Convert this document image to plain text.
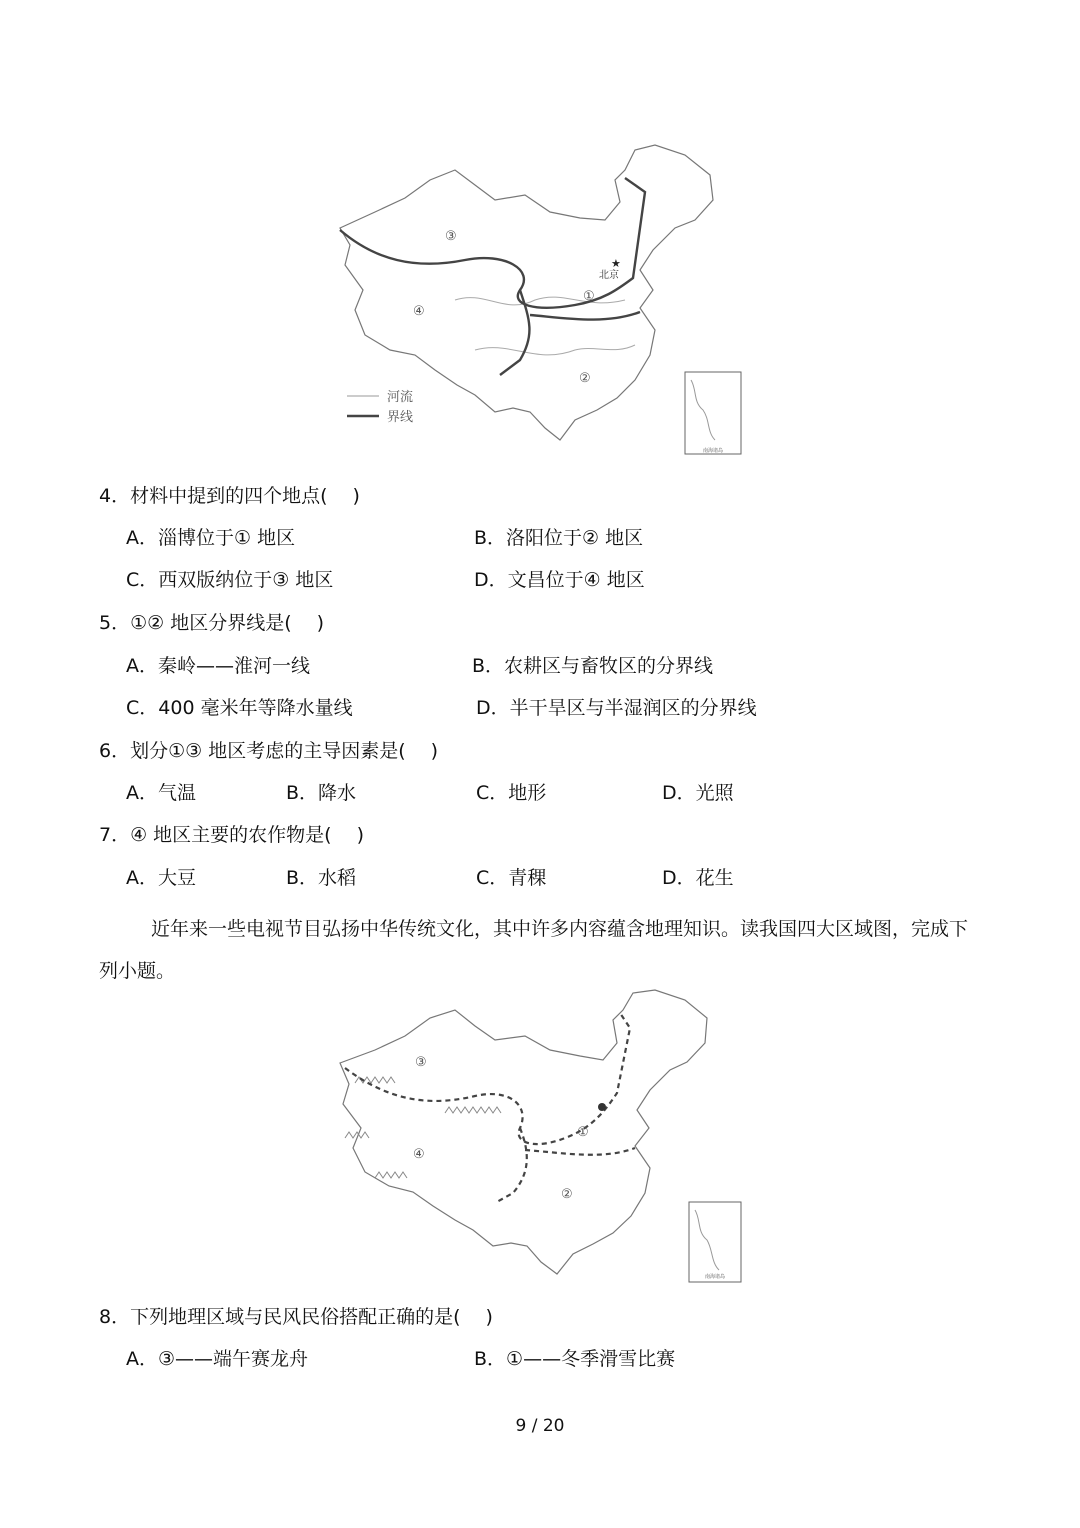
南海诸岛
③
④
①
②
★
北京
河流
界线
4．材料中提到的四个地点(　 )
A．淄博位于① 地区	B．洛阳位于② 地区
C．西双版纳位于③ 地区	D．文昌位于④ 地区
5．①② 地区分界线是(　 )
A．秦岭——淮河一线	B．农耕区与畜牧区的分界线
C．400 毫米年等降水量线	D．半干旱区与半湿润区的分界线
6．划分①③ 地区考虑的主导因素是(　 )
A．气温	B．降水	C．地形	D．光照
7．④ 地区主要的农作物是(　 )
A．大豆	B．水稻	C．青稞	D．花生
近年来一些电视节目弘扬中华传统文化，其中许多内容蕴含地理知识。读我国四大区域图，完成下列小题。
南海诸岛
③
④
①
②
8．下列地理区域与民风民俗搭配正确的是(　 )
A．③——端午赛龙舟	B．①——冬季滑雪比赛
9 / 20
